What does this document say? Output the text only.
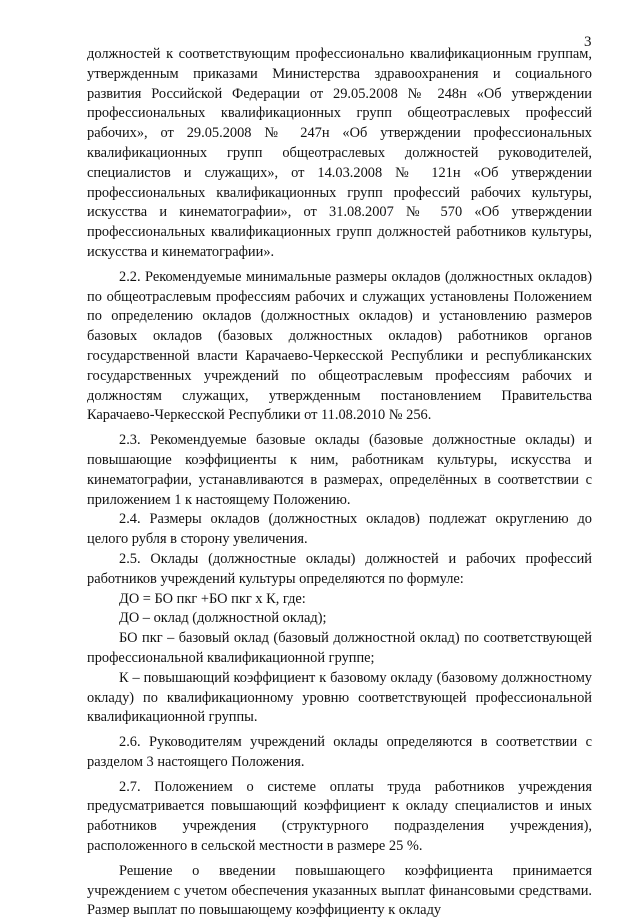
3

должностей к соответствующим профессионально квалификационным группам, утвержденным приказами Министерства здравоохранения и социального развития Российской Федерации от 29.05.2008 № 248н «Об утверждении профессиональных квалификационных групп общеотраслевых профессий рабочих», от 29.05.2008 № 247н «Об утверждении профессиональных квалификационных групп общеотраслевых должностей руководителей, специалистов и служащих», от 14.03.2008 № 121н «Об утверждении профессиональных квалификационных групп профессий рабочих культуры, искусства и кинематографии», от 31.08.2007 № 570 «Об утверждении профессиональных квалификационных групп должностей работников культуры, искусства и кинематографии».

2.2. Рекомендуемые минимальные размеры окладов (должностных окладов) по общеотраслевым профессиям рабочих и служащих установлены Положением по определению окладов (должностных окладов) и установлению размеров базовых окладов (базовых должностных окладов) работников органов государственной власти Карачаево-Черкесской Республики и республиканских государственных учреждений по общеотраслевым профессиям рабочих и должностям служащих, утвержденным постановлением Правительства Карачаево-Черкесской Республики от 11.08.2010 № 256.

2.3. Рекомендуемые базовые оклады (базовые должностные оклады) и повышающие коэффициенты к ним, работникам культуры, искусства и кинематографии, устанавливаются в размерах, определённых в соответствии с приложением 1 к настоящему Положению.

2.4. Размеры окладов (должностных окладов) подлежат округлению до целого рубля в сторону увеличения.

2.5. Оклады (должностные оклады) должностей и рабочих профессий работников учреждений культуры определяются по формуле:

ДО = БО пкг +БО пкг х К, где:

ДО – оклад (должностной оклад);

БО пкг – базовый оклад (базовый должностной оклад) по соответствующей профессиональной квалификационной группе;

К – повышающий коэффициент к базовому окладу (базовому должностному окладу) по квалификационному уровню соответствующей профессиональной квалификационной группы.

2.6. Руководителям учреждений оклады определяются в соответствии с разделом 3 настоящего Положения.

2.7. Положением о системе оплаты труда работников учреждения предусматривается повышающий коэффициент к окладу специалистов и иных работников учреждения (структурного подразделения учреждения), расположенного в сельской местности в размере 25 %.

Решение о введении повышающего коэффициента принимается учреждением с учетом обеспечения указанных выплат финансовыми средствами. Размер выплат по повышающему коэффициенту к окладу
